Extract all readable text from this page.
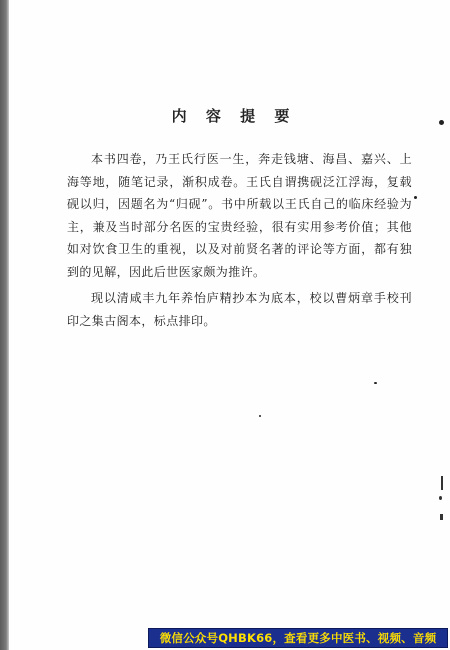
内 容 提 要

本书四卷，乃王氏行医一生，奔走钱塘、海昌、嘉兴、上海等地，随笔记录，渐积成卷。王氏自谓携砚泛江浮海，复载砚以归，因题名为“归砚”。书中所载以王氏自己的临床经验为主，兼及当时部分名医的宝贵经验，很有实用参考价值；其他如对饮食卫生的重视，以及对前贤名著的评论等方面，都有独到的见解，因此后世医家颇为推许。

现以清咸丰九年养怡庐精抄本为底本，校以曹炳章手校刊印之集古阁本，标点排印。

微信公众号QHBK66，查看更多中医书、视频、音频
